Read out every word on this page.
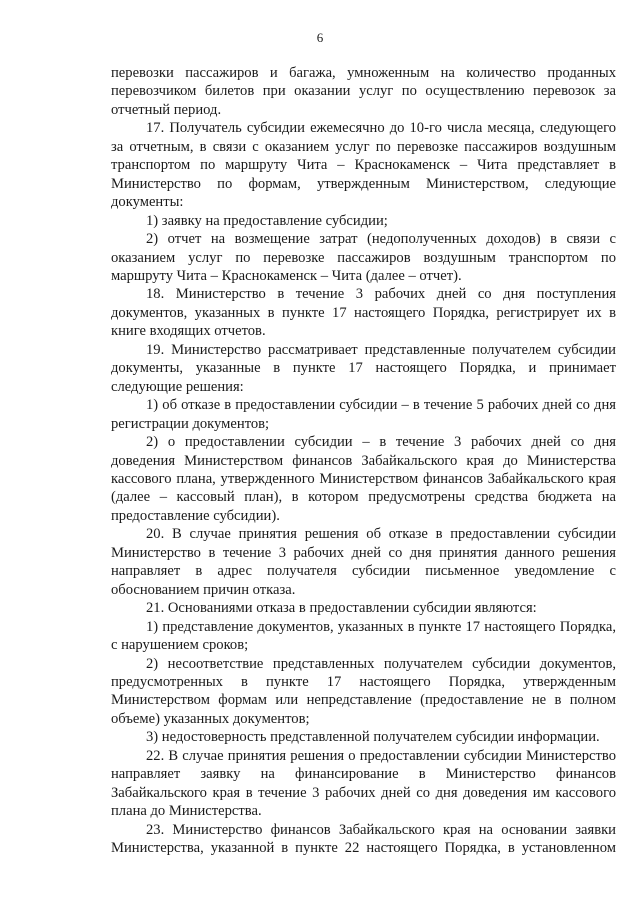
6

перевозки пассажиров и багажа, умноженным на количество проданных перевозчиком билетов при оказании услуг по осуществлению перевозок за отчетный период.

17. Получатель субсидии ежемесячно до 10-го числа месяца, следующего за отчетным, в связи с оказанием услуг по перевозке пассажиров воздушным транспортом по маршруту Чита – Краснокаменск – Чита представляет в Министерство по формам, утвержденным Министерством, следующие документы:

1) заявку на предоставление субсидии;

2) отчет на возмещение затрат (недополученных доходов) в связи с оказанием услуг по перевозке пассажиров воздушным транспортом по маршруту Чита – Краснокаменск – Чита (далее – отчет).

18. Министерство в течение 3 рабочих дней со дня поступления документов, указанных в пункте 17 настоящего Порядка, регистрирует их в книге входящих отчетов.

19. Министерство рассматривает представленные получателем субсидии документы, указанные в пункте 17 настоящего Порядка, и принимает следующие решения:

1) об отказе в предоставлении субсидии – в течение 5 рабочих дней со дня регистрации документов;

2) о предоставлении субсидии – в течение 3 рабочих дней со дня доведения Министерством финансов Забайкальского края до Министерства кассового плана, утвержденного Министерством финансов Забайкальского края (далее – кассовый план), в котором предусмотрены средства бюджета на предоставление субсидии).

20. В случае принятия решения об отказе в предоставлении субсидии Министерство в течение 3 рабочих дней со дня принятия данного решения направляет в адрес получателя субсидии письменное уведомление с обоснованием причин отказа.

21. Основаниями отказа в предоставлении субсидии являются:

1) представление документов, указанных в пункте 17 настоящего Порядка, с нарушением сроков;

2) несоответствие представленных получателем субсидии документов, предусмотренных в пункте 17 настоящего Порядка, утвержденным Министерством формам или непредставление (предоставление не в полном объеме) указанных документов;

3) недостоверность представленной получателем субсидии информации.

22. В случае принятия решения о предоставлении субсидии Министерство направляет заявку на финансирование в Министерство финансов Забайкальского края в течение 3 рабочих дней со дня доведения им кассового плана до Министерства.

23. Министерство финансов Забайкальского края на основании заявки Министерства, указанной в пункте 22 настоящего Порядка, в установленном
